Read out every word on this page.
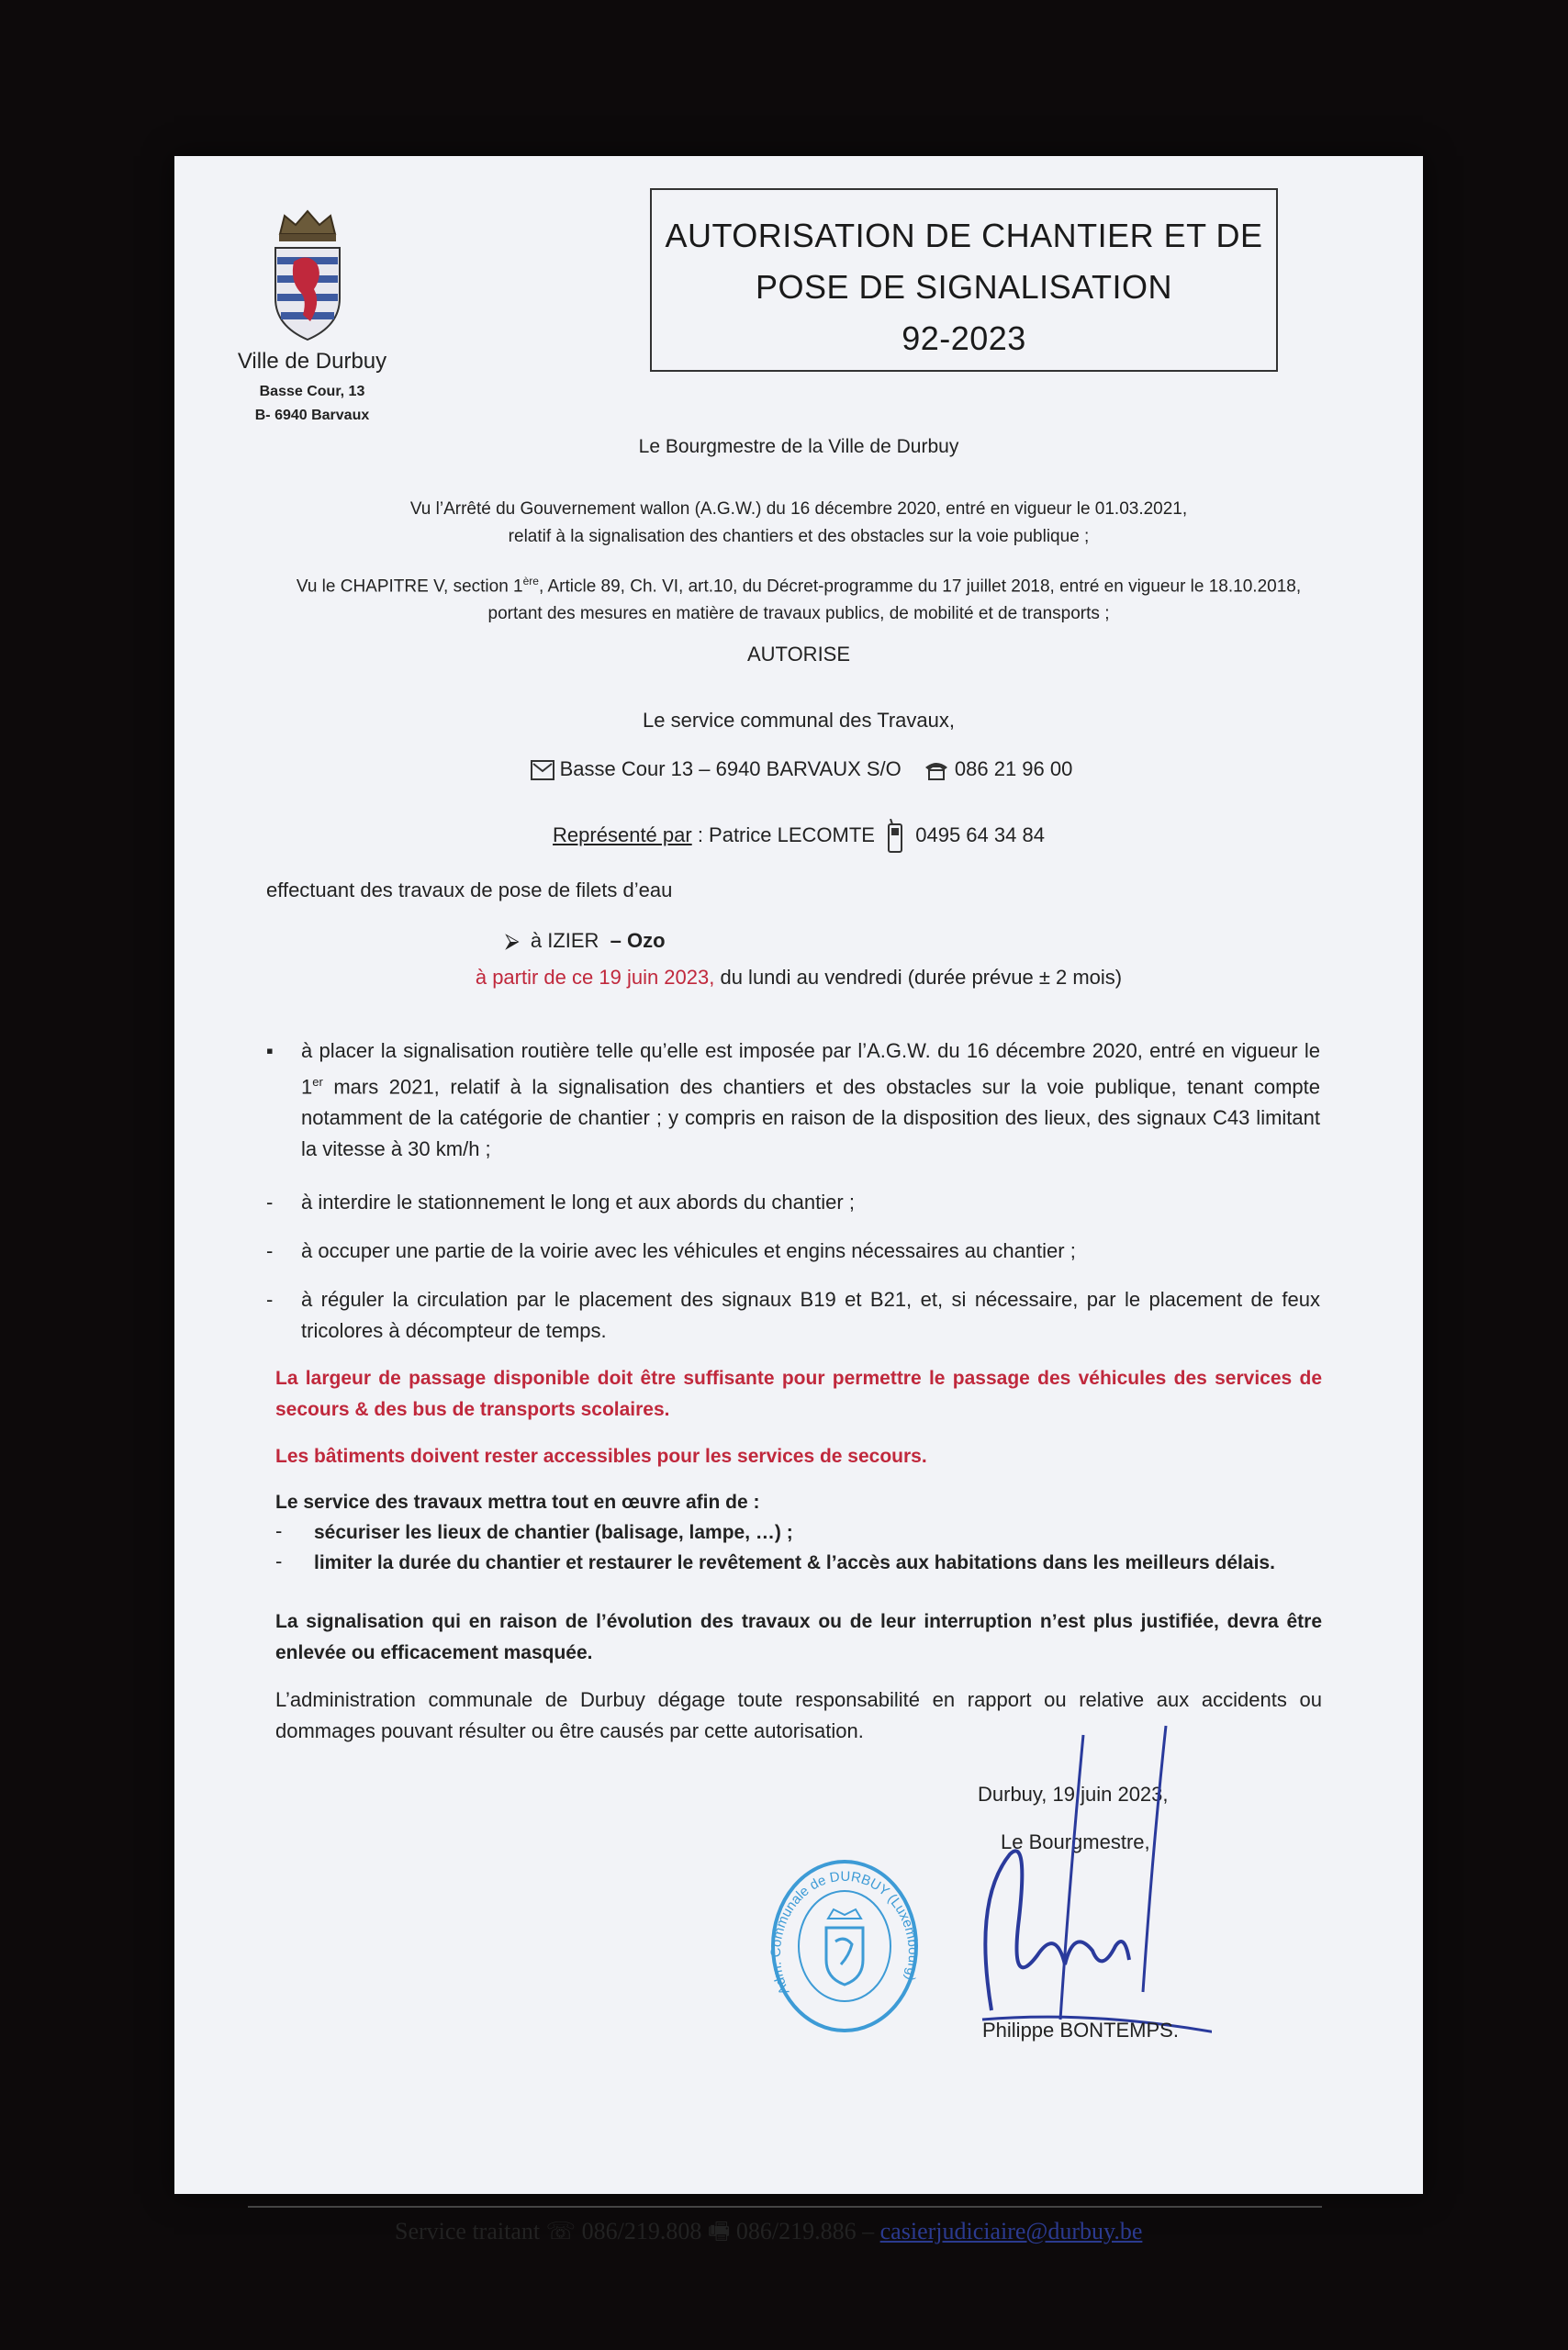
Ville de Durbuy
Basse Cour, 13
B- 6940 Barvaux
AUTORISATION DE CHANTIER ET DE
POSE DE SIGNALISATION
92-2023
Le Bourgmestre de la Ville de Durbuy
Vu l’Arrêté du Gouvernement wallon (A.G.W.) du 16 décembre 2020, entré en vigueur le 01.03.2021,
relatif à la signalisation des chantiers et des obstacles sur la voie publique ;
Vu le CHAPITRE V, section 1ère, Article 89, Ch. VI, art.10, du Décret-programme du 17 juillet 2018, entré en vigueur le 18.10.2018,
portant des mesures en matière de travaux publics, de mobilité et de transports ;
AUTORISE
Le service communal des Travaux,
Basse Cour 13 – 6940 BARVAUX S/O	086 21 96 00
Représenté par : Patrice LECOMTE 0495 64 34 84
effectuant des travaux de pose de filets d’eau
⮚  à IZIER – Ozo
à partir de ce 19 juin 2023, du lundi au vendredi (durée prévue ± 2 mois)
▪ à placer la signalisation routière telle qu’elle est imposée par l’A.G.W. du 16 décembre 2020, entré en vigueur le 1er mars 2021, relatif à la signalisation des chantiers et des obstacles sur la voie publique, tenant compte notamment de la catégorie de chantier ; y compris en raison de la disposition des lieux, des signaux C43 limitant la vitesse à 30 km/h ;
- à interdire le stationnement le long et aux abords du chantier ;
- à occuper une partie de la voirie avec les véhicules et engins nécessaires au chantier ;
- à réguler la circulation par le placement des signaux B19 et B21, et, si nécessaire, par le placement de feux tricolores à décompteur de temps.
La largeur de passage disponible doit être suffisante pour permettre le passage des véhicules des services de secours & des bus de transports scolaires.
Les bâtiments doivent rester accessibles pour les services de secours.
Le service des travaux mettra tout en œuvre afin de :
- sécuriser les lieux de chantier (balisage, lampe, …) ;
- limiter la durée du chantier et restaurer le revêtement & l’accès aux habitations dans les meilleurs délais.
La signalisation qui en raison de l’évolution des travaux ou de leur interruption n’est plus justifiée, devra être enlevée ou efficacement masquée.
L’administration communale de Durbuy dégage toute responsabilité en rapport ou relative aux accidents ou dommages pouvant résulter ou être causés par cette autorisation.
Durbuy, 19 juin 2023,
Le Bourgmestre,
Adm. Communale de DURBUY (Luxembourg)
Philippe BONTEMPS.
Service traitant ☏ 086/219.808 🖷 086/219.886 – casierjudiciaire@durbuy.be
